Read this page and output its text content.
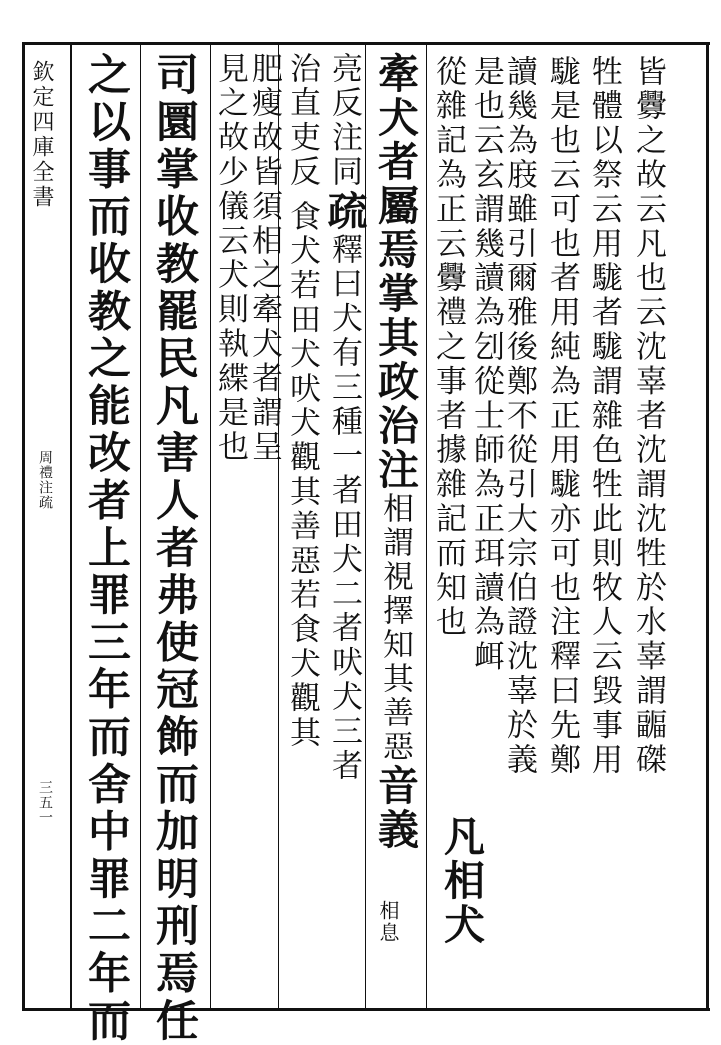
欽定四庫全書
周禮注疏
三五一
皆釁之故云凡也云沈辜者沈謂沈牲於水辜謂疈磔
牲體以祭云用駹者駹謂雜色牲此則牧人云毀事用
駹是也云可也者用純為正用駹亦可也注釋曰先鄭
讀幾為庪雖引爾雅後鄭不從引大宗伯證沈辜於義
是也云玄謂幾讀為刉從士師為正珥讀為衈
從雜記為正云釁禮之事者據雜記而知也
牽犬者屬焉掌其政治注相謂視擇知其善惡音義
凡相犬
相息
亮反注同疏釋曰犬有三種一者田犬二者吠犬三者
治直吏反食犬若田犬吠犬觀其善惡若食犬觀其
肥瘦故皆須相之牽犬者謂呈
見之故少儀云犬則執緤是也
司圜掌收教罷民凡害人者弗使冠飾而加明刑焉任
之以事而收教之能改者上罪三年而舍中罪二年而
